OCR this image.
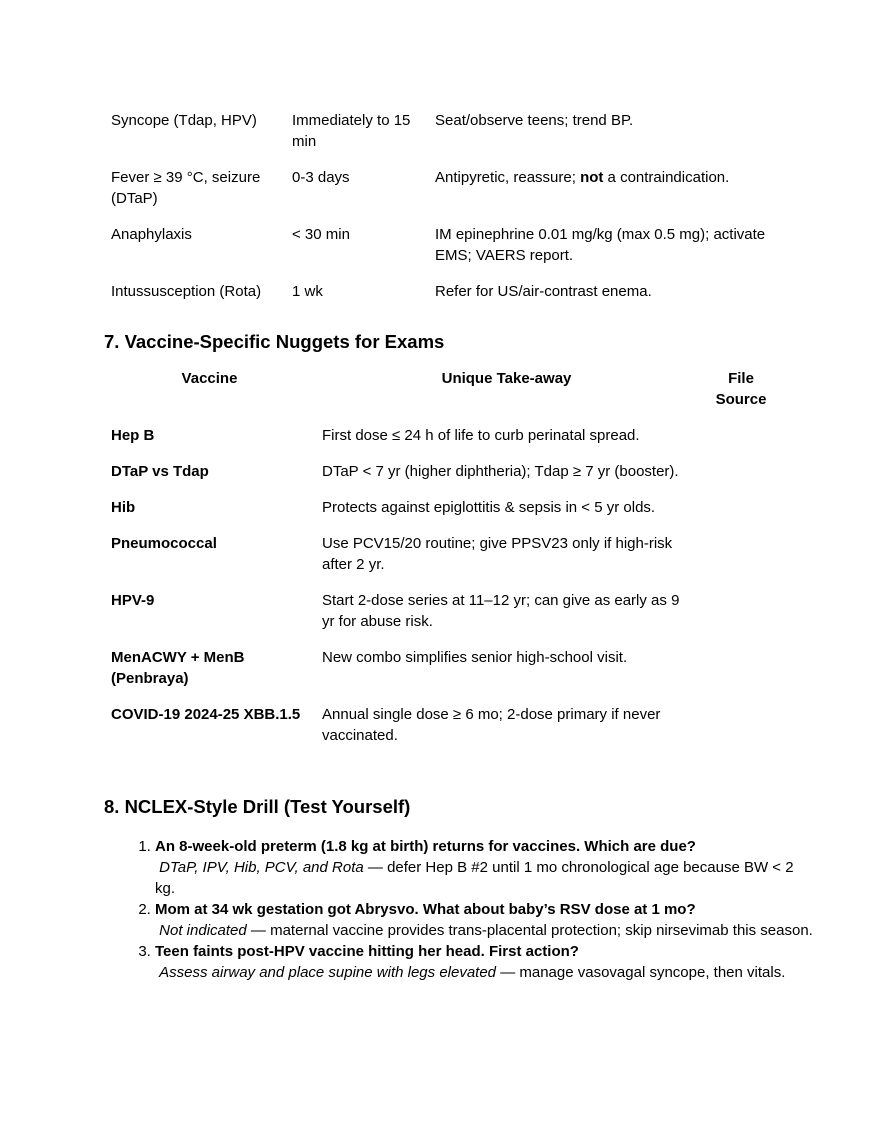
Syncope (Tdap, HPV)	Immediately to 15 min	Seat/observe teens; trend BP.
Fever ≥ 39 °C, seizure (DTaP)	0-3 days	Antipyretic, reassure; not a contraindication.
Anaphylaxis	< 30 min	IM epinephrine 0.01 mg/kg (max 0.5 mg); activate EMS; VAERS report.
Intussusception (Rota)	1 wk	Refer for US/air-contrast enema.
7. Vaccine-Specific Nuggets for Exams
Vaccine	Unique Take-away	File Source
Hep B	First dose ≤ 24 h of life to curb perinatal spread.	
DTaP vs Tdap	DTaP < 7 yr (higher diphtheria); Tdap ≥ 7 yr (booster).	
Hib	Protects against epiglottitis & sepsis in < 5 yr olds.	
Pneumococcal	Use PCV15/20 routine; give PPSV23 only if high-risk after 2 yr.	
HPV-9	Start 2-dose series at 11–12 yr; can give as early as 9 yr for abuse risk.	
MenACWY + MenB (Penbraya)	New combo simplifies senior high-school visit.	
COVID-19 2024-25 XBB.1.5	Annual single dose ≥ 6 mo; 2-dose primary if never vaccinated.	
8. NCLEX-Style Drill (Test Yourself)
1. An 8-week-old preterm (1.8 kg at birth) returns for vaccines. Which are due?
DTaP, IPV, Hib, PCV, and Rota — defer Hep B #2 until 1 mo chronological age because BW < 2 kg.
2. Mom at 34 wk gestation got Abrysvo. What about baby’s RSV dose at 1 mo?
Not indicated — maternal vaccine provides trans-placental protection; skip nirsevimab this season.
3. Teen faints post-HPV vaccine hitting her head. First action?
Assess airway and place supine with legs elevated — manage vasovagal syncope, then vitals.
